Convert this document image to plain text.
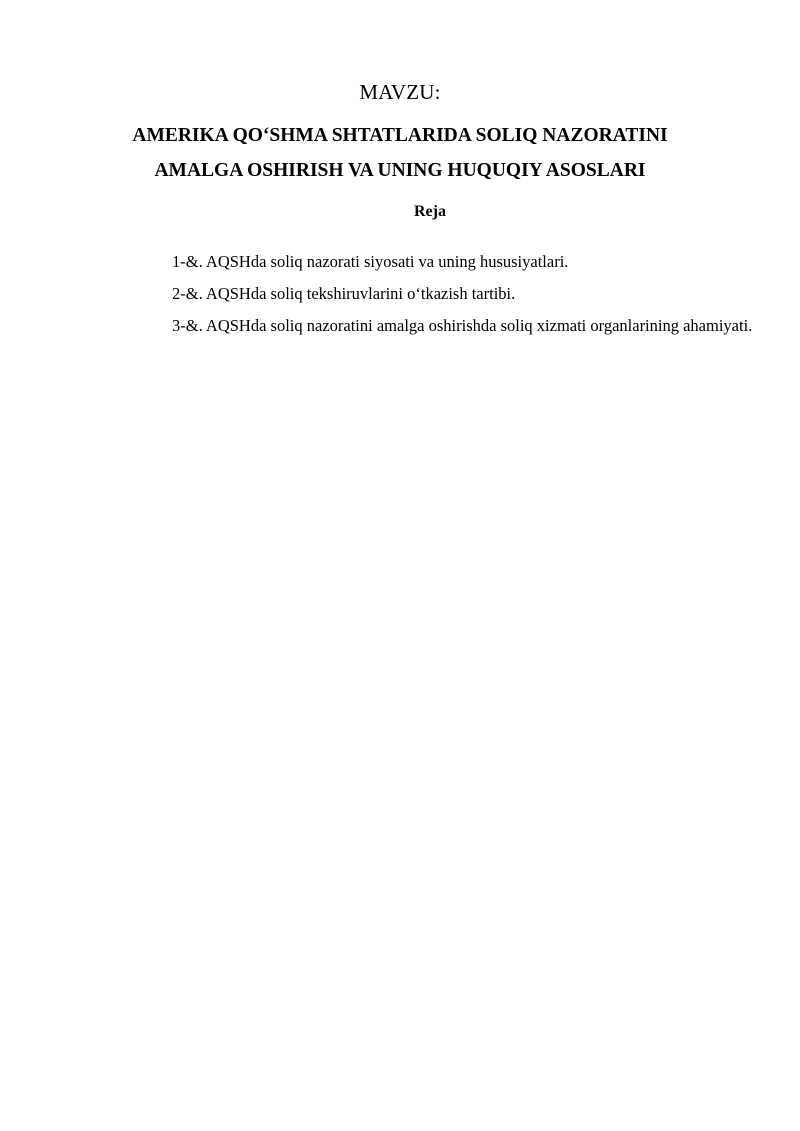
MAVZU:
AMERIKA QO‘SHMA SHTATLARIDA SOLIQ NAZORATINI
AMALGA OSHIRISH VA UNING HUQUQIY ASOSLARI
Reja

1-&. AQSHda soliq nazorati siyosati va uning hususiyatlari.

2-&. AQSHda soliq tekshiruvlarini o‘tkazish tartibi.

3-&. AQSHda soliq nazoratini amalga oshirishda soliq xizmati organlarining ahamiyati.
